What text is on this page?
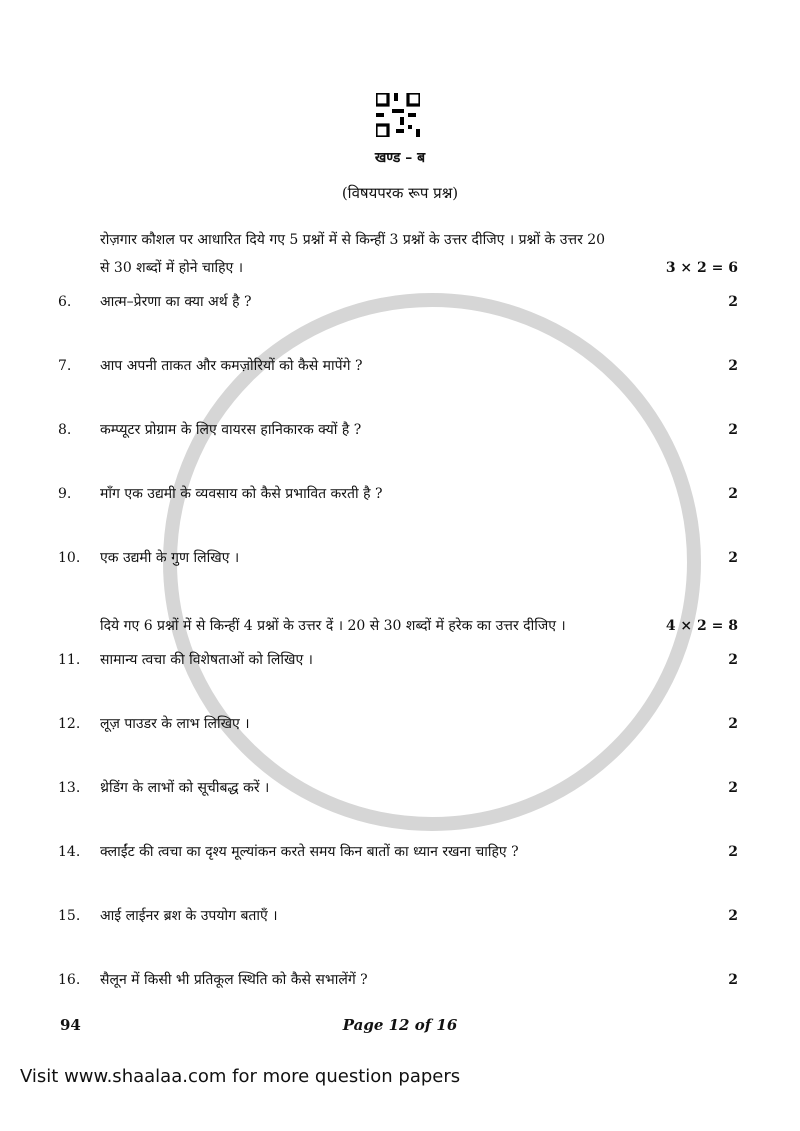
खण्ड – ब
(विषयपरक रूप प्रश्न)
रोज़गार कौशल पर आधारित दिये गए 5 प्रश्नों में से किन्हीं 3 प्रश्नों के उत्तर दीजिए । प्रश्नों के उत्तर 20
से 30 शब्दों में होने चाहिए ।	3 × 2 = 6
6.	आत्म–प्रेरणा का क्या अर्थ है ?	2
7.	आप अपनी ताकत और कमज़ोरियों को कैसे मापेंगे ?	2
8.	कम्प्यूटर प्रोग्राम के लिए वायरस हानिकारक क्यों है ?	2
9.	माँग एक उद्यमी के व्यवसाय को कैसे प्रभावित करती है ?	2
10.	एक उद्यमी के गुण लिखिए ।	2
दिये गए 6 प्रश्नों में से किन्हीं 4 प्रश्नों के उत्तर दें । 20 से 30 शब्दों में हरेक का उत्तर दीजिए ।	4 × 2 = 8
11.	सामान्य त्वचा की विशेषताओं को लिखिए ।	2
12.	लूज़ पाउडर के लाभ लिखिए ।	2
13.	थ्रेडिंग के लाभों को सूचीबद्ध करें ।	2
14.	क्लाईंट की त्वचा का दृश्य मूल्यांकन करते समय किन बातों का ध्यान रखना चाहिए ?	2
15.	आई लाईनर ब्रश के उपयोग बताएँ ।	2
16.	सैलून में किसी भी प्रतिकूल स्थिति को कैसे सभालेंगें ?	2
94	Page 12 of 16
Visit www.shaalaa.com for more question papers
